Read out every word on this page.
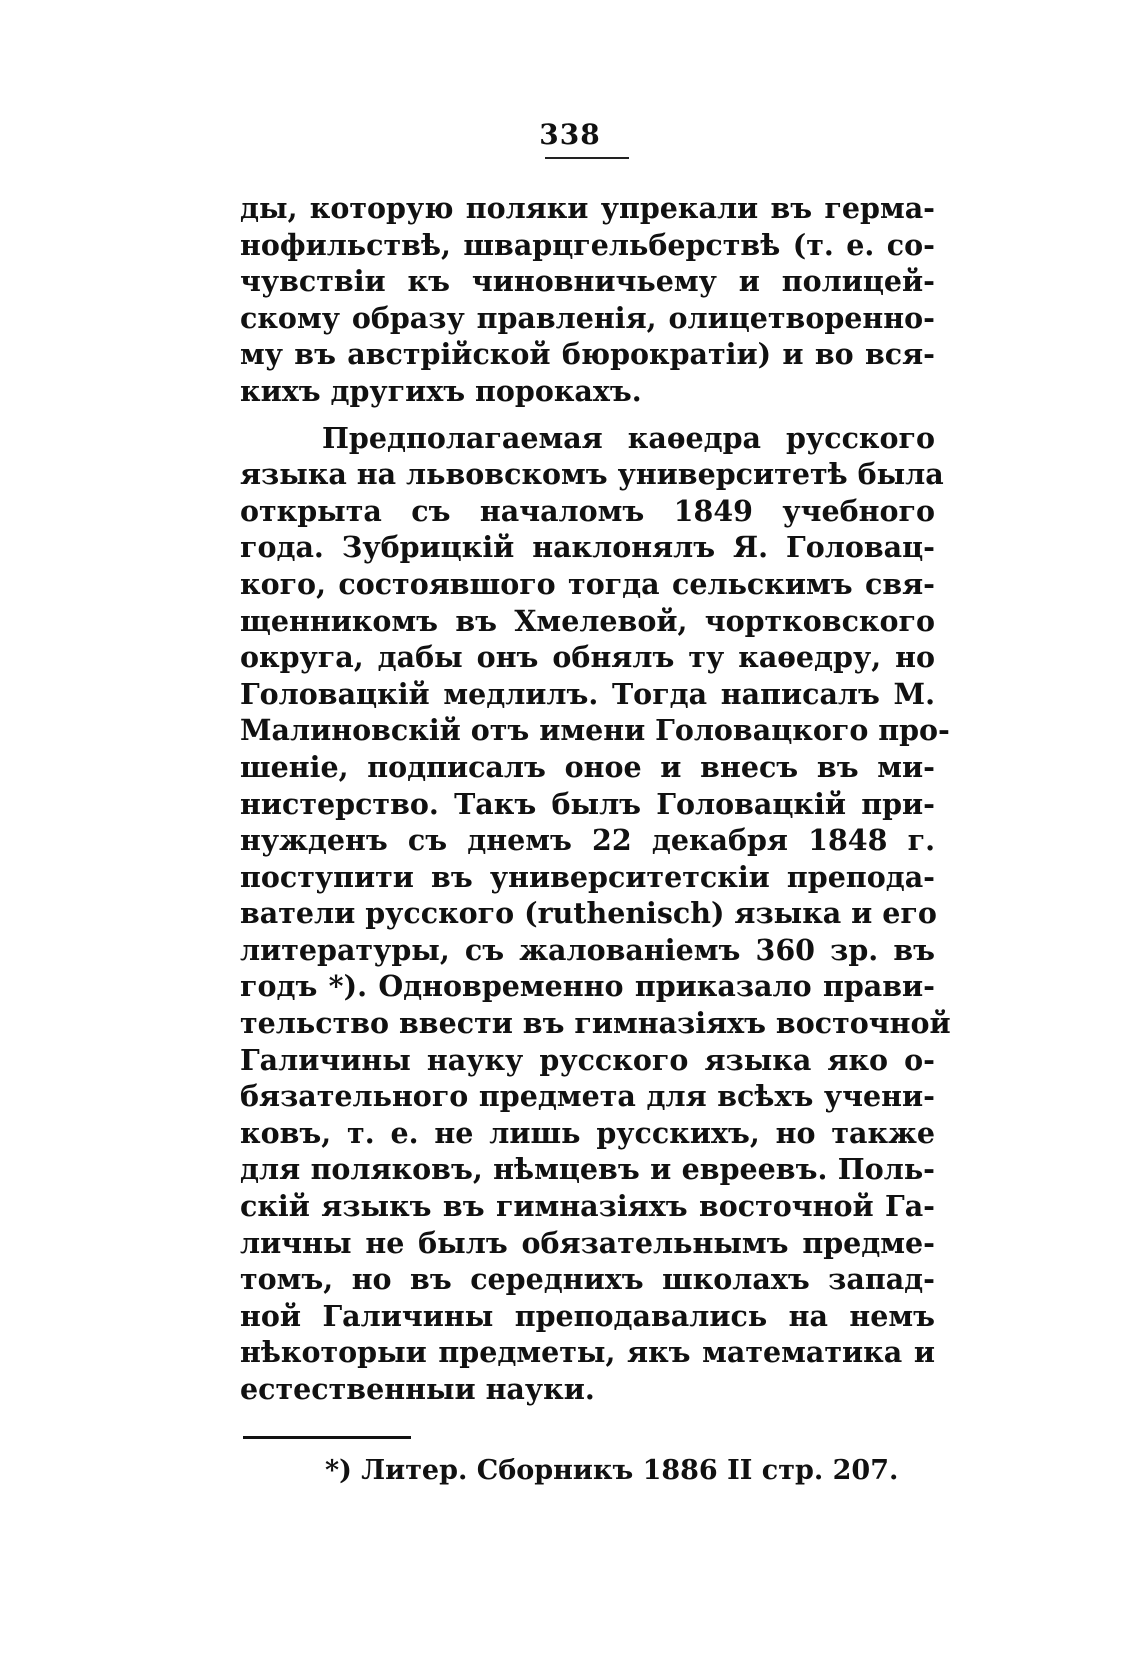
338
ды, которую поляки упрекали въ герма-
нофильствѣ, шварцгельберствѣ (т. е. со-
чувствіи къ чиновничьему и полицей-
скому образу правленія, олицетворенно-
му въ австрійской бюрократіи) и во вся-
кихъ другихъ порокахъ.
Предполагаемая каѳедра русского
языка на львовскомъ университетѣ была
открыта съ началомъ 1849 учебного
года. Зубрицкій наклонялъ Я. Головац-
кого, состоявшого тогда сельскимъ свя-
щенникомъ въ Хмелевой, чортковского
округа, дабы онъ обнялъ ту каѳедру, но
Головацкій медлилъ. Тогда написалъ М.
Малиновскій отъ имени Головацкого про-
шеніе, подписалъ оное и внесъ въ ми-
нистерство. Такъ былъ Головацкій при-
нужденъ съ днемъ 22 декабря 1848 г.
поступити въ университетскіи препода-
ватели русского (ruthenisch) языка и его
литературы, съ жалованіемъ 360 зр. въ
годъ *). Одновременно приказало прави-
тельство ввести въ гимназіяхъ восточной
Галичины науку русского языка яко о-
бязательного предмета для всѣхъ учени-
ковъ, т. е. не лишь русскихъ, но также
для поляковъ, нѣмцевъ и евреевъ. Поль-
скій языкъ въ гимназіяхъ восточной Га-
личны не былъ обязательнымъ предме-
томъ, но въ середнихъ школахъ запад-
ной Галичины преподавались на немъ
нѣкоторыи предметы, якъ математика и
естественныи науки.
*) Литер. Сборникъ 1886 II стр. 207.
